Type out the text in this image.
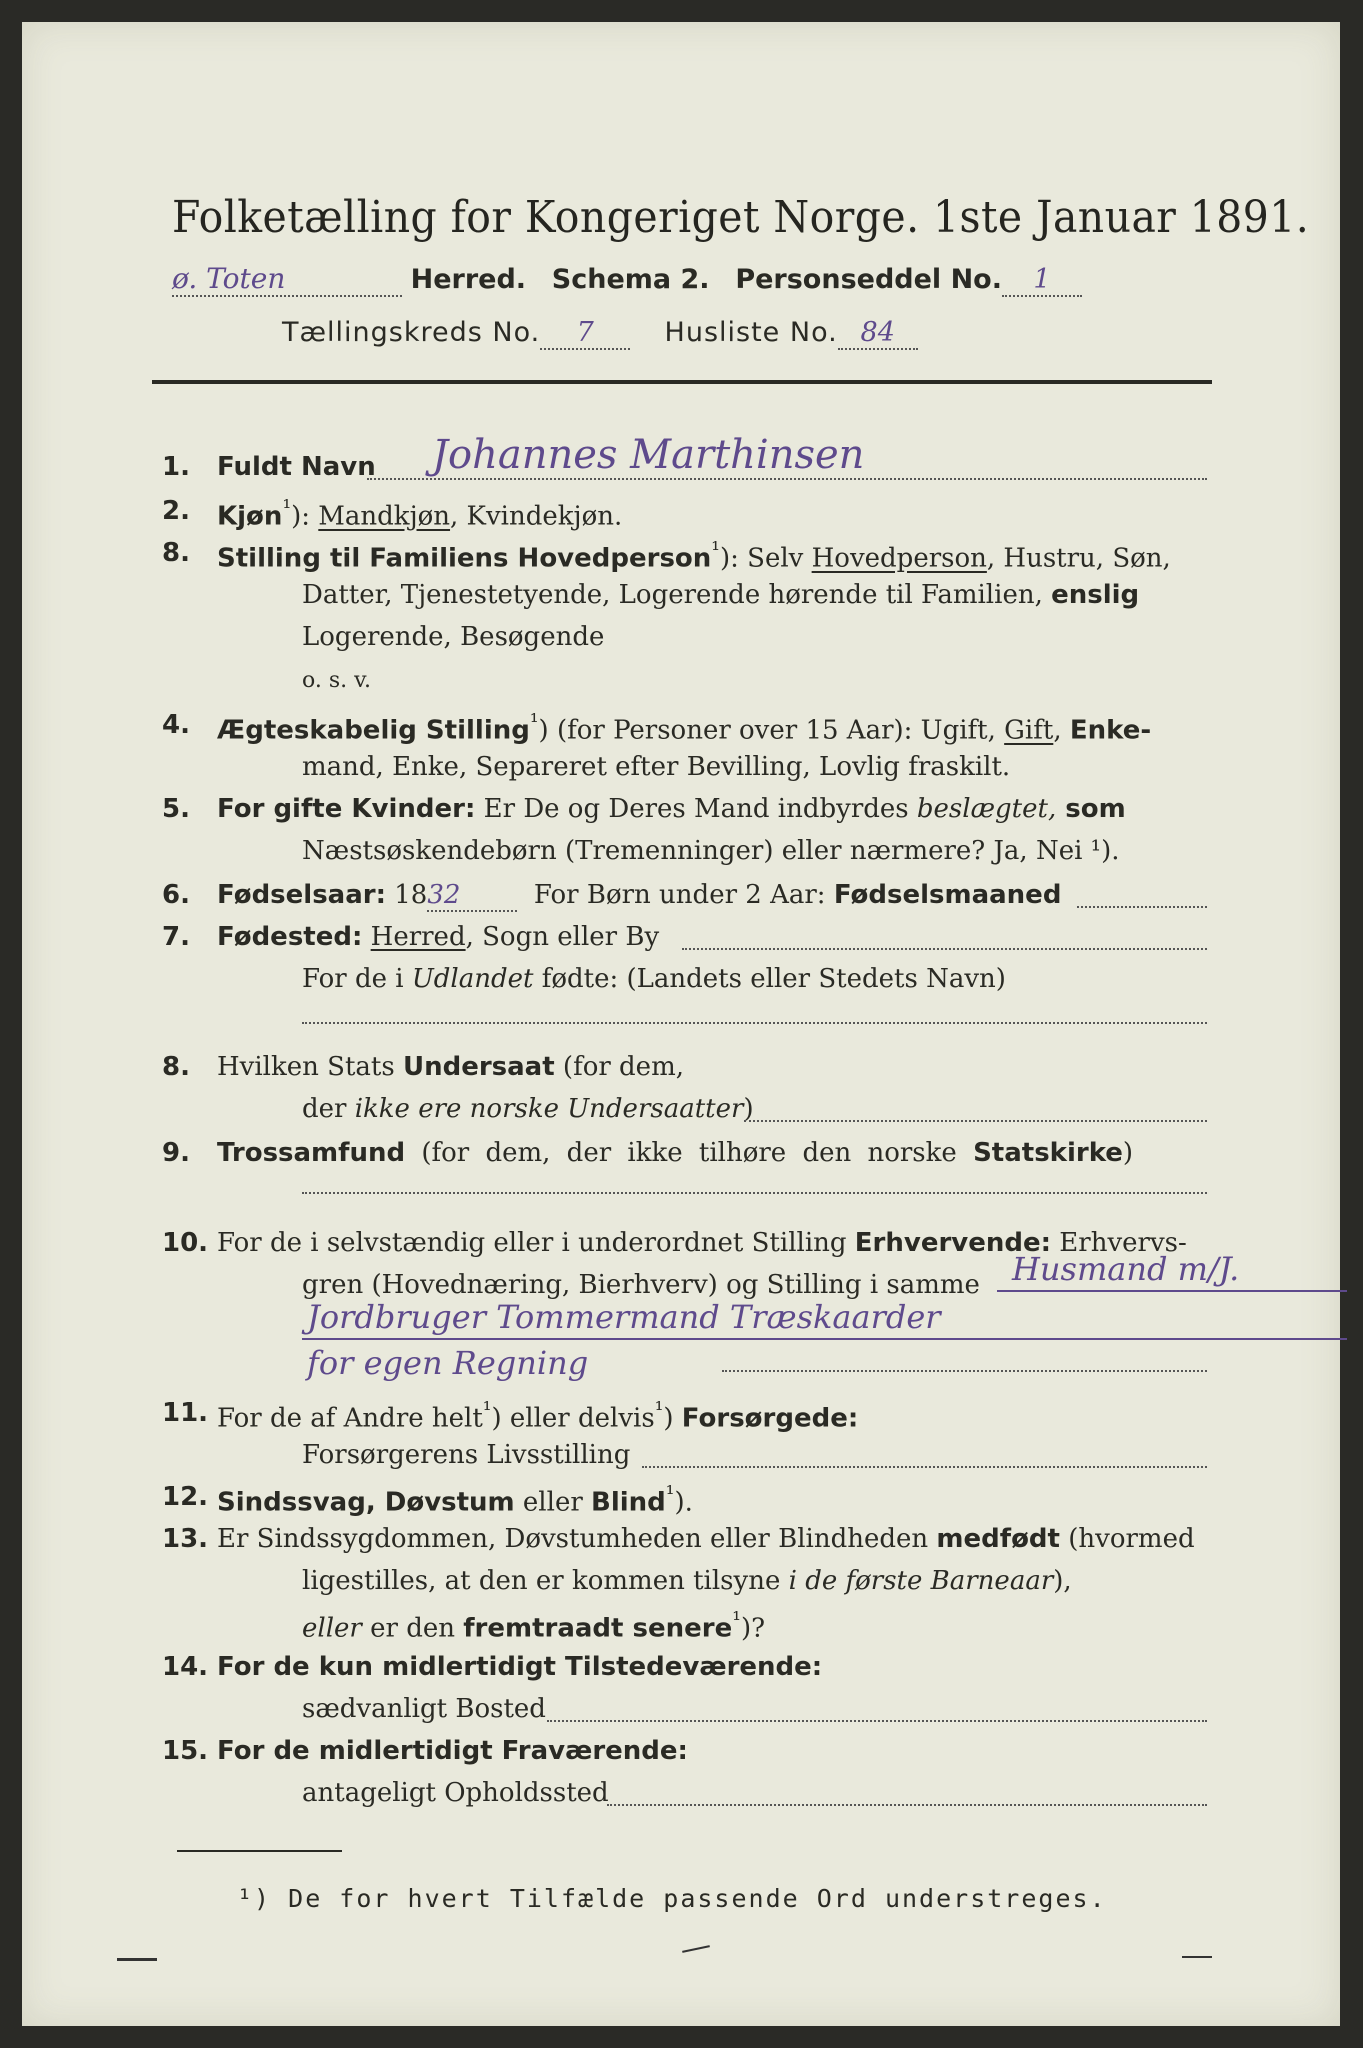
Folketælling for Kongeriget Norge. 1ste Januar 1891.
ø. Toten	Herred. Schema 2. Personseddel No. 1
Tællingskreds No. 7	Husliste No. 84
1. Fuldt Navn Johannes Marthinsen
2. Kjøn$^{^1}$): Mandkjøn, Kvindekjøn.
8. Stilling til Familiens Hovedperson$^{^1}$): Selv Hovedperson, Hustru, Søn,
Datter, Tjenestetyende, Logerende hørende til Familien, enslig
Logerende, Besøgende
o. s. v.
4. Ægteskabelig Stilling$^{^1}$) (for Personer over 15 Aar): Ugift, Gift, Enke-
mand, Enke, Separeret efter Bevilling, Lovlig fraskilt.
5. For gifte Kvinder: Er De og Deres Mand indbyrdes beslægtet, som
Næstsøskendebørn (Tremenninger) eller nærmere? Ja, Nei ¹).
6. Fødselsaar: 1832	For Børn under 2 Aar: Fødselsmaaned
7. Fødested: Herred, Sogn eller By
For de i Udlandet fødte: (Landets eller Stedets Navn)
8. Hvilken Stats Undersaat (for dem,
der ikke ere norske Undersaatter)
9. Trossamfund (for dem, der ikke tilhøre den norske Statskirke)
10. For de i selvstændig eller i underordnet Stilling Erhvervende: Erhvervs-
gren (Hovednæring, Bierhverv) og Stilling i samme Husmand m/J.
Jordbruger Tommermand Træskaarder
for egen Regning
11. For de af Andre helt$^{^1}$) eller delvis$^{^1}$) Forsørgede:
Forsørgerens Livsstilling
12. Sindssvag, Døvstum eller Blind$^{^1}$).
13. Er Sindssygdommen, Døvstumheden eller Blindheden medfødt (hvormed
ligestilles, at den er kommen tilsyne i de første Barneaar),
eller er den fremtraadt senere$^{^1}$)?
14. For de kun midlertidigt Tilstedeværende:
sædvanligt Bosted
15. For de midlertidigt Fraværende:
antageligt Opholdssted
¹) De for hvert Tilfælde passende Ord understreges.
